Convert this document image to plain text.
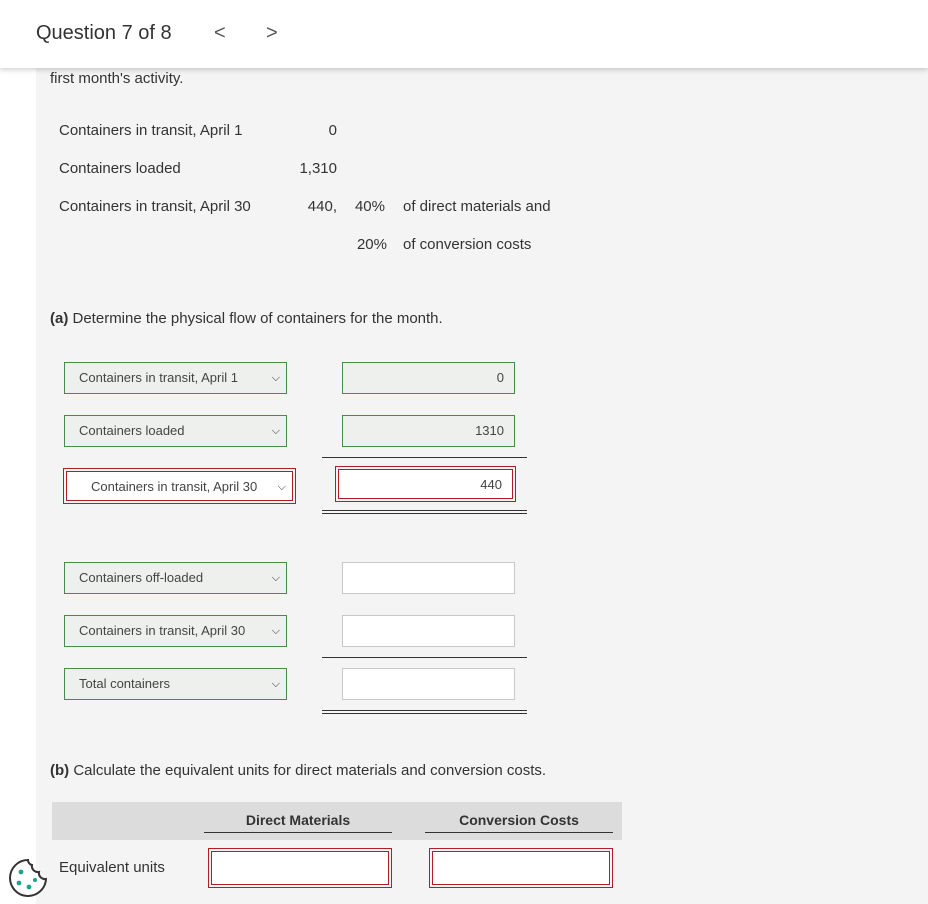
Question 7 of 8 < >
first month's activity.
Containers in transit, April 1	0
Containers loaded	1,310
Containers in transit, April 30	440,	40% of direct materials and
20% of conversion costs
(a) Determine the physical flow of containers for the month.
Containers in transit, April 1	⌵	0
Containers loaded	⌵	1310
Containers in transit, April 30 ⌵	440
Containers off-loaded	⌵
Containers in transit, April 30 ⌵
Total containers	⌵
(b) Calculate the equivalent units for direct materials and conversion costs.
Direct Materials	Conversion Costs
Equivalent units
